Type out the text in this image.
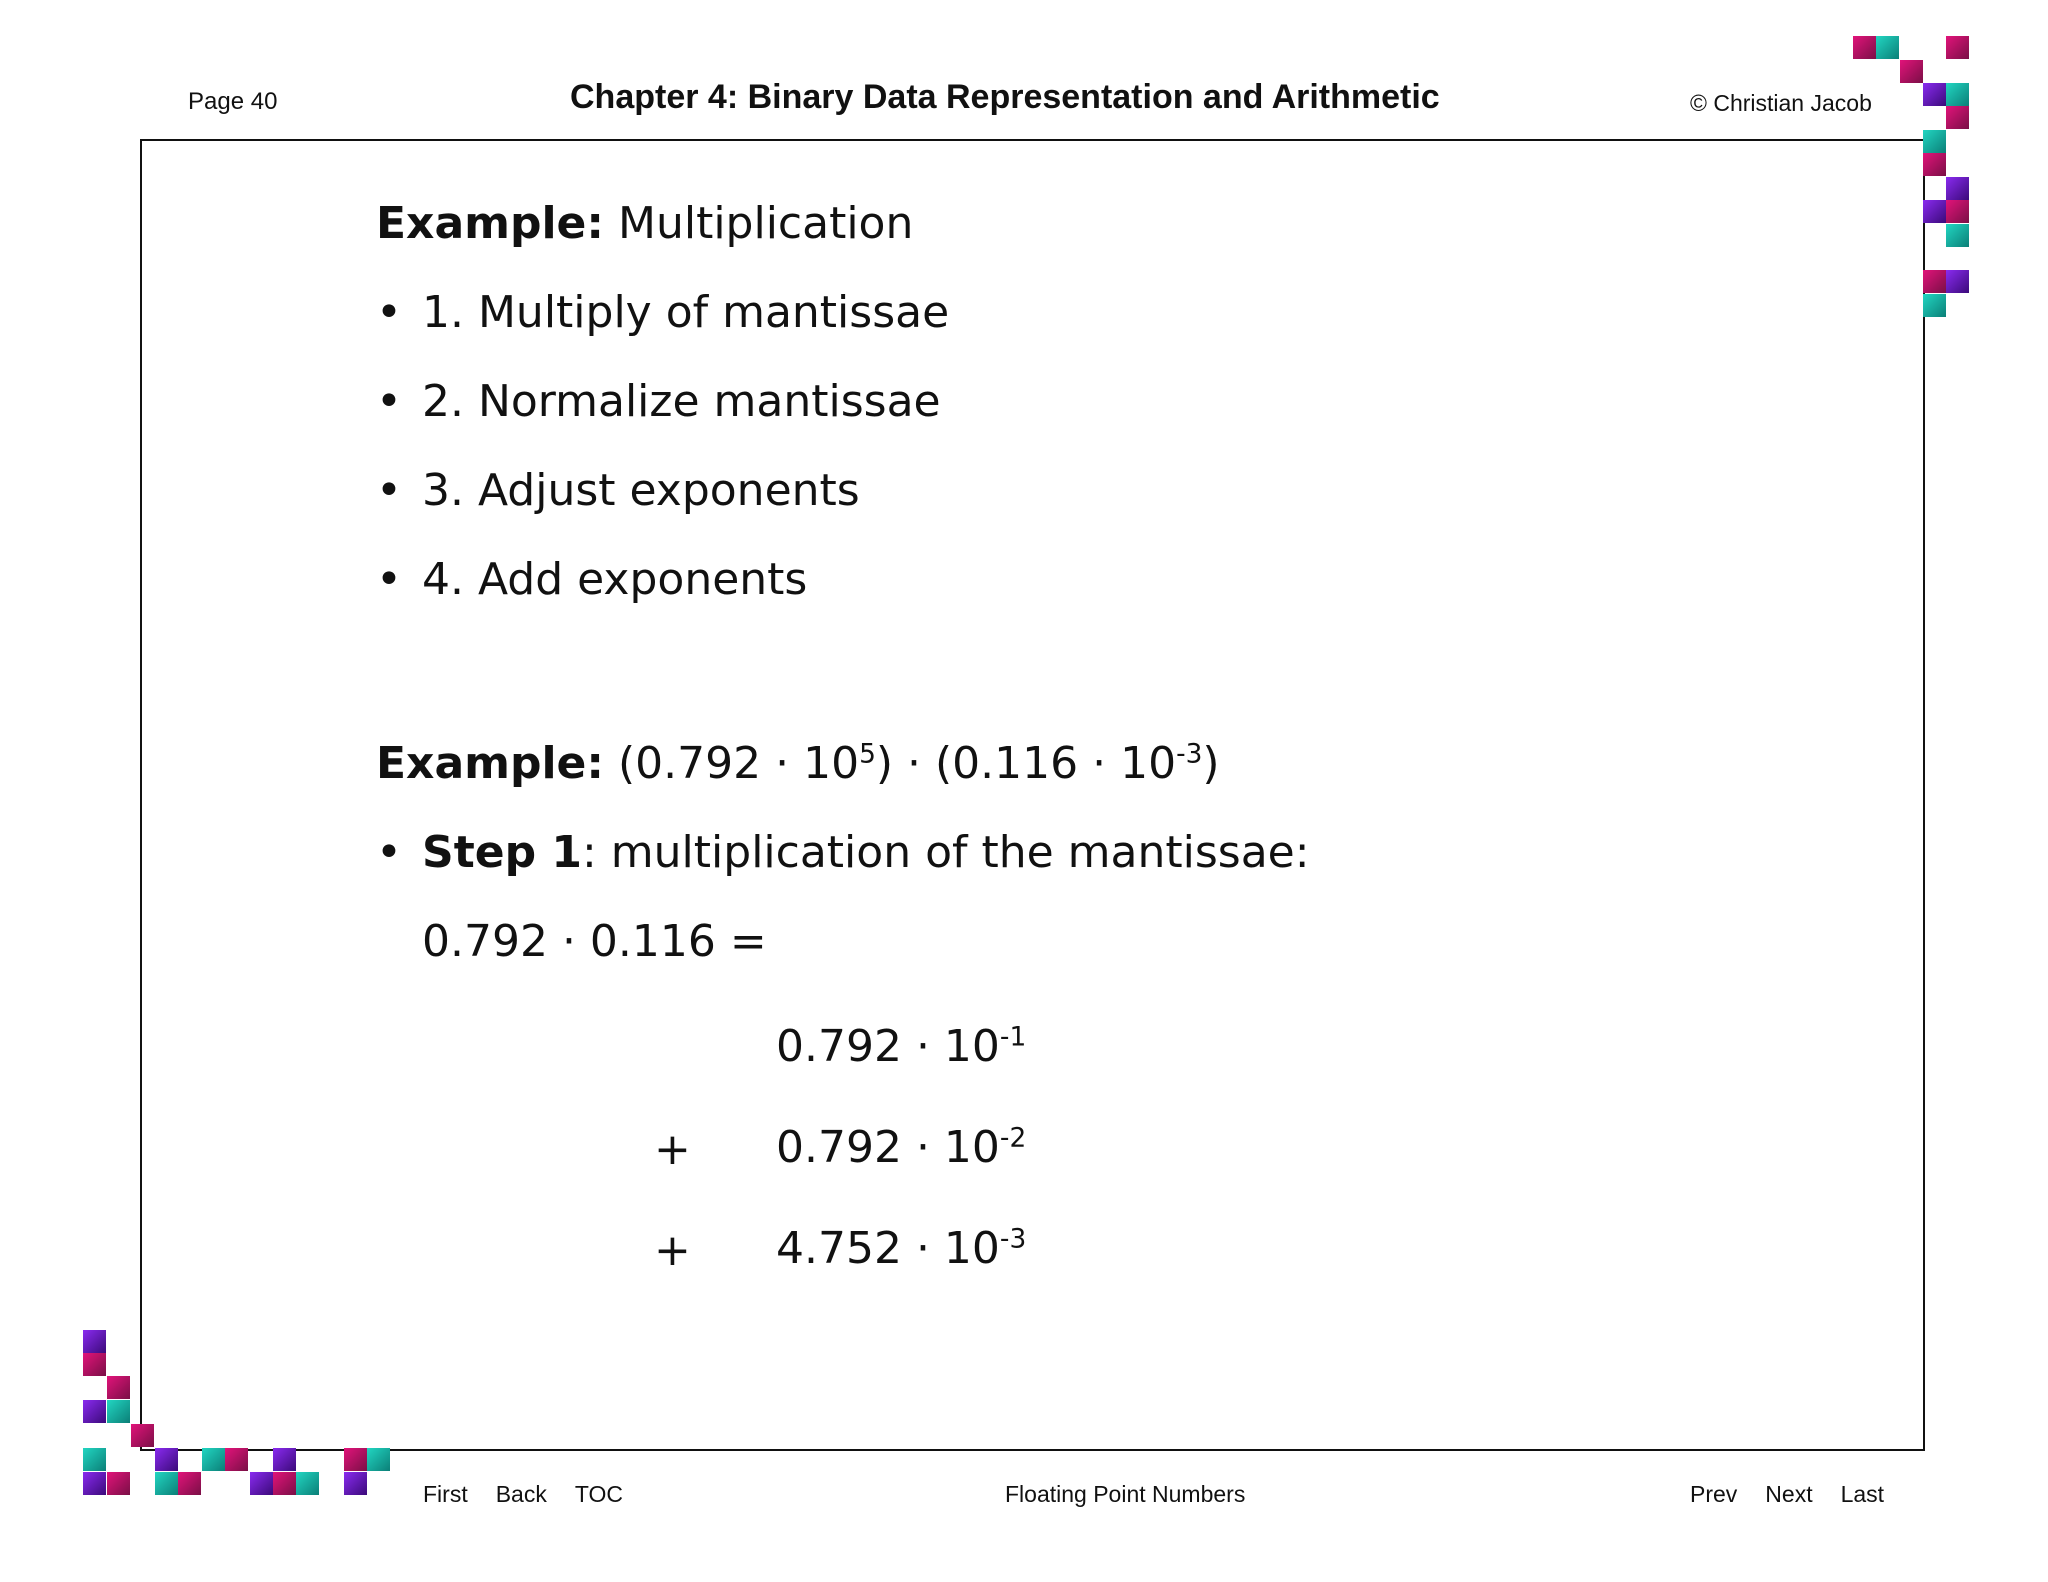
Page 40	Chapter 4: Binary Data Representation and Arithmetic	© Christian Jacob
Example: Multiplication
• 1. Multiply of mantissae
• 2. Normalize mantissae
• 3. Adjust exponents
• 4. Add exponents
Example: $(0.792 \cdot 10^5) \cdot (0.116 \cdot 10^{-3})$
• Step 1: multiplication of the mantissae:
0.792 · 0.116 =
$0.792 \cdot 10^{-1}$
+ $0.792 \cdot 10^{-2}$
+ $4.752 \cdot 10^{-3}$
First Back TOC	Floating Point Numbers	Prev Next Last
